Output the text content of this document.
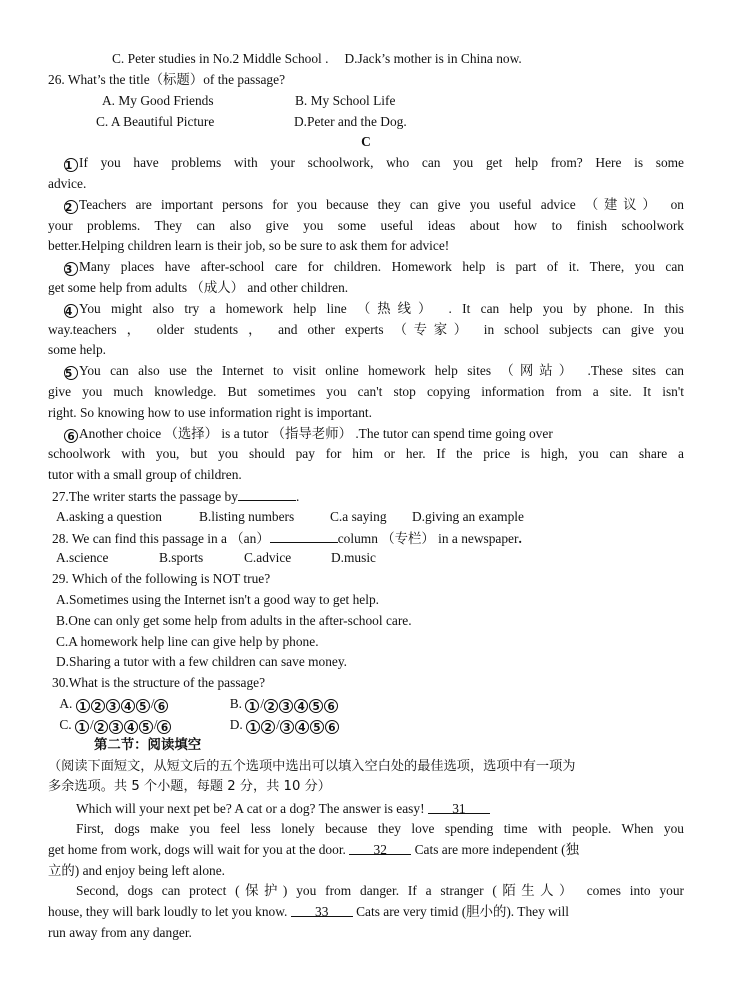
C. Peter studies in No.2 Middle School . D.Jack’s mother is in China now.
26. What’s the title（标题）of the passage?
A. My Good Friends	B. My School Life
C. A Beautiful Picture	D.Peter and the Dog.
C
1 If you have problems with your schoolwork, who can you get help from? Here is some
advice.
2 Teachers are important persons for you because they can give you useful advice （建议） on
your problems. They can also give you some useful ideas about how to finish schoolwork
better.Helping children learn is their job, so be sure to ask them for advice!
3 Many places have after-school care for children. Homework help is part of it. There, you can
get some help from adults （成人） and other children.
4 You might also try a homework help line （热线） . It can help you by phone. In this
way.teachers ， older students ， and other experts （专家） in school subjects can give you
some help.
5 You can also use the Internet to visit online homework help sites （网站） .These sites can
give you much knowledge. But sometimes you can't stop copying information from a site. It isn't
right. So knowing how to use information right is important.
6 Another choice （选择） is a tutor （指导老师） .The tutor can spend time going over
schoolwork with you, but you should pay for him or her. If the price is high, you can share a
tutor with a small group of children.
27.The writer starts the passage by	.
A.asking a question	B.listing numbers	C.a saying D.giving an example
28. We can find this passage in a （an）	column （专栏） in a newspaper.
A.science	B.sports	C.advice	D.music
29. Which of the following is NOT true?
A.Sometimes using the Internet isn't a good way to get help.
B.One can only get some help from adults in the after-school care.
C.A homework help line can give help by phone.
D.Sharing a tutor with a few children can save money.
30.What is the structure of the passage?
A. 1 2 3 4 5 / 6	B. 1 / 2 3 4 5 6
C. 1 / 2 3 4 5 / 6	D. 1 2 / 3 4 5 6
第二节：阅读填空
（阅读下面短文，从短文后的五个选项中选出可以填入空白处的最佳选项，选项中有一项为
多余选项。共 5 个小题，每题 2 分，共 10 分）
Which will your next pet be? A cat or a dog? The answer is easy! 31
First, dogs make you feel less lonely because they love spending time with people. When you
get home from work, dogs will wait for you at the door. 32 Cats are more independent (独
立的) and enjoy being left alone.
Second, dogs can protect (保护) you from danger. If a stranger (陌生人） comes into your
house, they will bark loudly to let you know. 33 Cats are very timid (胆小的). They will
run away from any danger.
